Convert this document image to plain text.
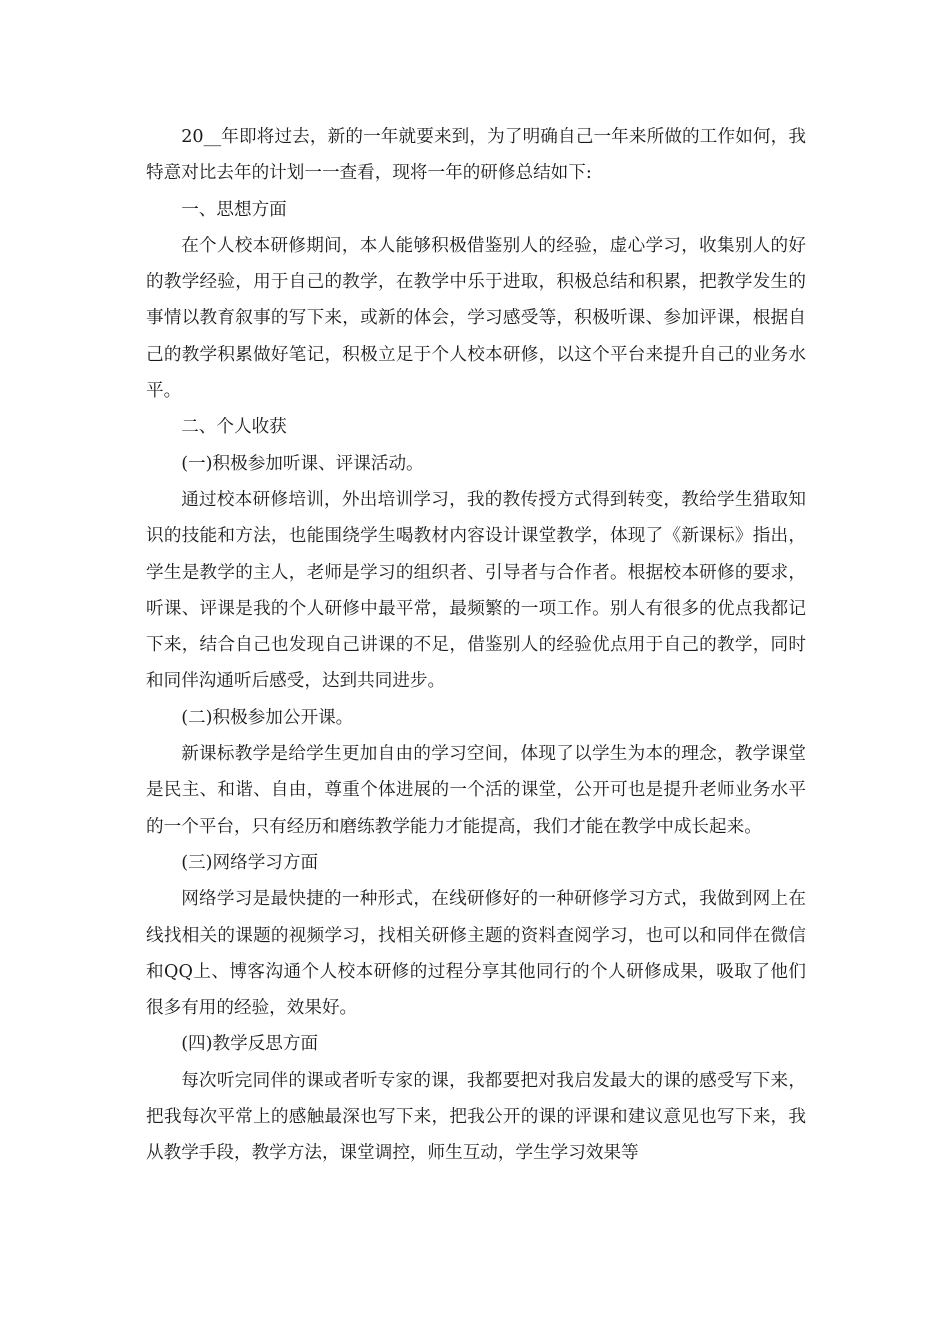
20__年即将过去，新的一年就要来到，为了明确自己一年来所做的工作如何，我特意对比去年的计划一一查看，现将一年的研修总结如下:

一、思想方面

在个人校本研修期间，本人能够积极借鉴别人的经验，虚心学习，收集别人的好的教学经验，用于自己的教学，在教学中乐于进取，积极总结和积累，把教学发生的事情以教育叙事的写下来，或新的体会，学习感受等，积极听课、参加评课，根据自己的教学积累做好笔记，积极立足于个人校本研修，以这个平台来提升自己的业务水平。

二、个人收获

(一)积极参加听课、评课活动。

通过校本研修培训，外出培训学习，我的教传授方式得到转变，教给学生猎取知识的技能和方法，也能围绕学生喝教材内容设计课堂教学，体现了《新课标》指出，学生是教学的主人，老师是学习的组织者、引导者与合作者。根据校本研修的要求，听课、评课是我的个人研修中最平常，最频繁的一项工作。别人有很多的优点我都记下来，结合自己也发现自己讲课的不足，借鉴别人的经验优点用于自己的教学，同时和同伴沟通听后感受，达到共同进步。

(二)积极参加公开课。

新课标教学是给学生更加自由的学习空间，体现了以学生为本的理念，教学课堂是民主、和谐、自由，尊重个体进展的一个活的课堂，公开可也是提升老师业务水平的一个平台，只有经历和磨练教学能力才能提高，我们才能在教学中成长起来。

(三)网络学习方面

网络学习是最快捷的一种形式，在线研修好的一种研修学习方式，我做到网上在线找相关的课题的视频学习，找相关研修主题的资料查阅学习，也可以和同伴在微信和QQ上、博客沟通个人校本研修的过程分享其他同行的个人研修成果，吸取了他们很多有用的经验，效果好。

(四)教学反思方面

每次听完同伴的课或者听专家的课，我都要把对我启发最大的课的感受写下来，把我每次平常上的感触最深也写下来，把我公开的课的评课和建议意见也写下来，我从教学手段，教学方法，课堂调控，师生互动，学生学习效果等
